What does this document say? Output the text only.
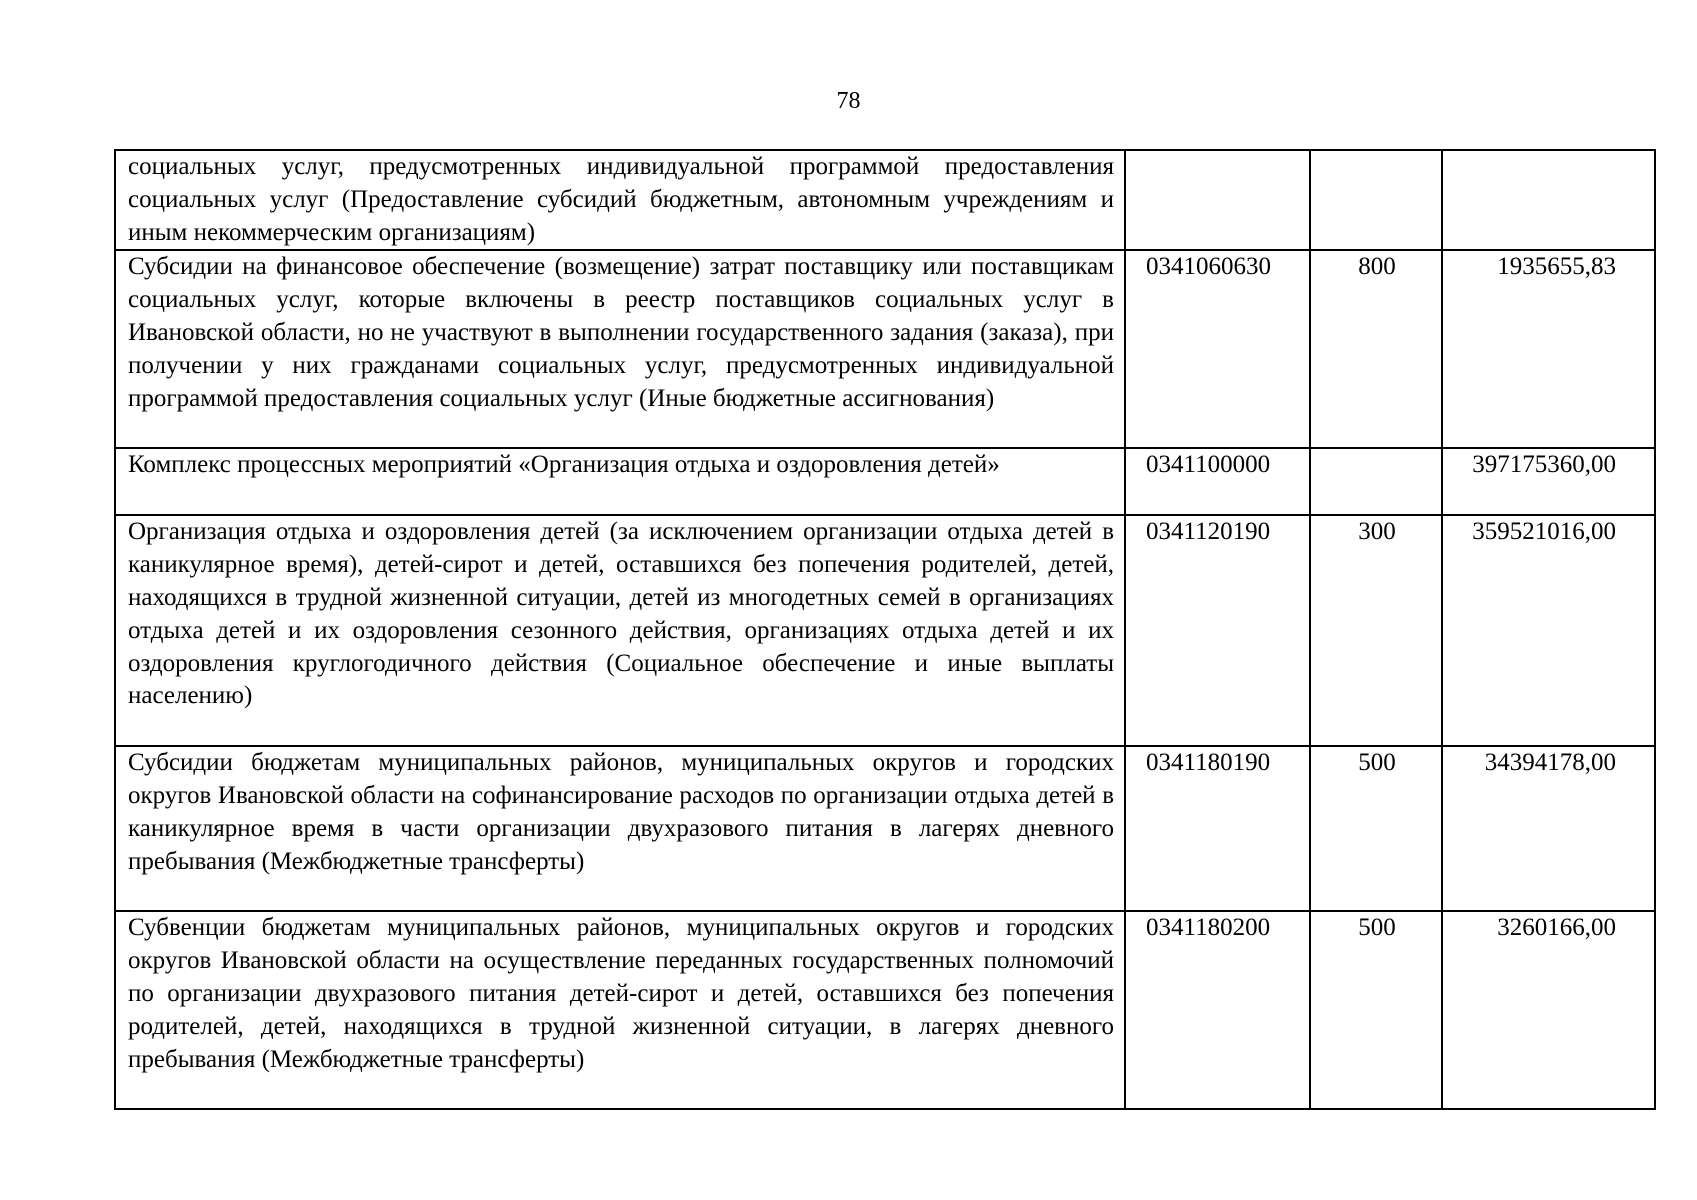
78
социальных услуг, предусмотренных индивидуальной программой предоставления социальных услуг (Предоставление субсидий бюджетным, автономным учреждениям и иным некоммерческим организациям)			
Субсидии на финансовое обеспечение (возмещение) затрат поставщику или поставщикам социальных услуг, которые включены в реестр поставщиков социальных услуг в Ивановской области, но не участвуют в выполнении государственного задания (заказа), при получении у них гражданами социальных услуг, предусмотренных индивидуальной программой предоставления социальных услуг (Иные бюджетные ассигнования)	0341060630	800	1935655,83
Комплекс процессных мероприятий «Организация отдыха и оздоровления детей»	0341100000		397175360,00
Организация отдыха и оздоровления детей (за исключением организации отдыха детей в каникулярное время), детей-сирот и детей, оставшихся без попечения родителей, детей, находящихся в трудной жизненной ситуации, детей из многодетных семей в организациях отдыха детей и их оздоровления сезонного действия, организациях отдыха детей и их оздоровления круглогодичного действия (Социальное обеспечение и иные выплаты населению)	0341120190	300	359521016,00
Субсидии бюджетам муниципальных районов, муниципальных округов и городских округов Ивановской области на софинансирование расходов по организации отдыха детей в каникулярное время в части организации двухразового питания в лагерях дневного пребывания (Межбюджетные трансферты)	0341180190	500	34394178,00
Субвенции бюджетам муниципальных районов, муниципальных округов и городских округов Ивановской области на осуществление переданных государственных полномочий по организации двухразового питания детей-сирот и детей, оставшихся без попечения родителей, детей, находящихся в трудной жизненной ситуации, в лагерях дневного пребывания (Межбюджетные трансферты)	0341180200	500	3260166,00
